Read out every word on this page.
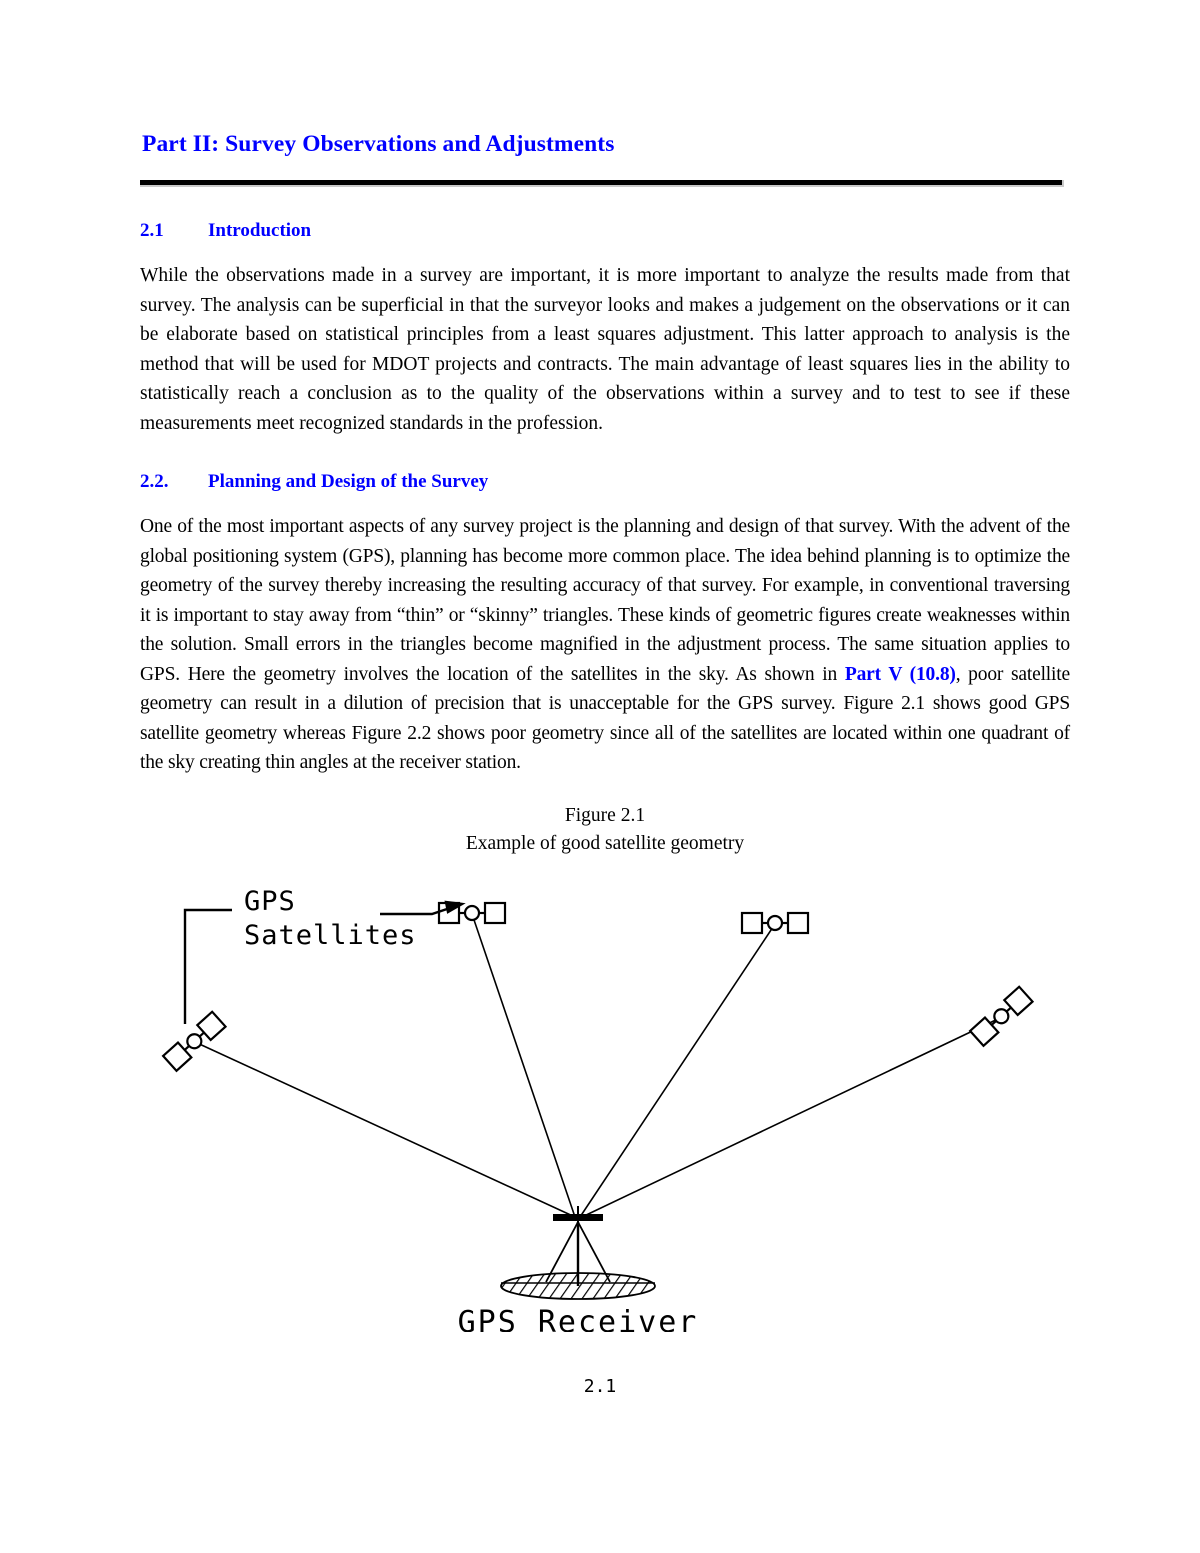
Part II: Survey Observations and Adjustments
2.1	Introduction

While the observations made in a survey are important, it is more important to analyze the results made from that survey. The analysis can be superficial in that the surveyor looks and makes a judgement on the observations or it can be elaborate based on statistical principles from a least squares adjustment. This latter approach to analysis is the method that will be used for MDOT projects and contracts. The main advantage of least squares lies in the ability to statistically reach a conclusion as to the quality of the observations within a survey and to test to see if these measurements meet recognized standards in the profession.

2.2.	Planning and Design of the Survey

One of the most important aspects of any survey project is the planning and design of that survey. With the advent of the global positioning system (GPS), planning has become more common place. The idea behind planning is to optimize the geometry of the survey thereby increasing the resulting accuracy of that survey. For example, in conventional traversing it is important to stay away from “thin” or “skinny” triangles. These kinds of geometric figures create weaknesses within the solution. Small errors in the triangles become magnified in the adjustment process. The same situation applies to GPS. Here the geometry involves the location of the satellites in the sky. As shown in Part V (10.8), poor satellite geometry can result in a dilution of precision that is unacceptable for the GPS survey. Figure 2.1 shows good GPS satellite geometry whereas Figure 2.2 shows poor geometry since all of the satellites are located within one quadrant of the sky creating thin angles at the receiver station.

Figure 2.1
Example of good satellite geometry
GPS
Satellites
GPS Receiver
2.1
